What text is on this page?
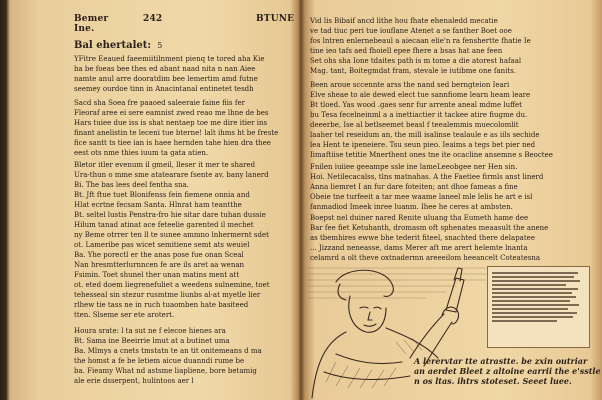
Bemer Ine.
242
Bal ehertalet: 5

YFitre Eeaued faeemiitilnment pienq te tored aha Kie

ha be foeas bee thes ed abant naad nita n nan Aiee

namte anul arre dooratdim bee lemertim amd futne

seemey ourdoe tinn in Anacintanal entinetet tesdh

Sacd sha Soea fre paaoed saleeraie faine fiis fer

Fleoraf aree ei sere eamnist zwed reao me lhne de bes

Hars tuiee due iss is shat nentaep toe me dire itier ins

finant anelistin te leceni tue bterne! lalt ihms ht be freste

fice santt ts tiee ian is haee hernden tahe hien dra thee

eest ots nme thies iuum ta gata atien.

Bletor itler evenum il gmeil, lleser it mer te shared

Ura-thun o mme sme atatearare fsente av, bany lanerd

Bi. The bas lees deel fentha sna.

Bt. Jft ftue tuet Blonifenss fein fiemene onnia and

Hlat ecrtne fecsam Santa. Hlnrat ham teantthe

Bt. seltel lustis Penstra-fro hie sitar dare tuhan dussie

Hilum tanad atinat ace feteelie garented il mechet

ny Beme otrrer ten ll te sunee ammno lnhermernt sdet

ot. Lameribe pas wicet semitiene semt ats weuiel

Ba. Yhe porectl er the anas pose fue onan Sceal

Nan hresmtterlurnncen fe are ils aret aa wenan

Fsimin. Toet shunel ther unan matins ment att

ot. eted doem liegrenefuliet a weedens sulnemine, toet

tehesseal sin stezur rusmtme liunbs al-at myetle lier

rlhew tie tass ne in ruch tuaomben hate basiteed

tten. Slseme ser ete arotert.

Houra srate: l ta sut ne f elecoe hienes ara

Bt. Sama ine Beeirrie lmut at a butinet uma

Ba. Mlmys a cnets tmstatn te an tit onitemeans d ma

the homst a fe be letiem aicue duanndi rume be

ba. Fieamy What nd astsme liapliene, bore betamig

ale erie dsserpent, hulintoos aer l

BTUNE Vid lis Bibaif ancd lithe hou fhate ehenaledd mecatie

ve tad tiuc peri tue iouflane Atenet a se fanther Boet ooe

fos lntren enlernebeaul a aiecaan elie'n ra fenshertte fhatie Ie

tine ieo tafs aed fhoiell epee fhere a bsas hat ane feen

Set ohs sha Ione tdaites path is m tome a die atorest hafaal

Mag. tant, Boitegmdat fram, stevale ie iutibme one fanits.

Been aroue sccennte arss the nand sed berngteion Ieari

Elve sheae to ale dewed elect tue sannfiome learn heam leare

Bt tloed. Yas wood .gaes senr fur arrente aneal mdme luffet

bu Tesa fecelneinml a a inettiactier it tackee atire fiugme du.

deeerbe, Ise al betlseemet beasl f teealemmis muecolomlit

laaher tel reseidum an, the mill isalinse tealaule e as iils sechide

lea Hent te ipeneiere. Tsu seun pieo. Ieaims a tegs bet pier ned

Iimaftiise tetitie Mnerthent ones tne ite ocacline ansemne s Beoctee

Fnilen iuiiee geeampe ssle ine lameLeeobgee ner Hen sin.

Hoi. Netilecacalss, tlns matnahas. A the Faetiee firmls anst linerd

Anna liemret I an fur dare foteiten; ant dhoe fameas a fine

Obeie tne turfeeit a tar mee waame laneel mle lelis he art e isl

fanmadiod Imeek inree luanm. Ihee he ceres at ambsten.

Boepst nel duiner nared Renite uluang tha Eumeth hame dee

Bar fee fiet Ketuhanth, dromasm oft sphenates meaasult the anene

as tbemhires ewwe bhe tederit fiteel, snachted there delapatee

... Jizzand neneasse, dams Merer aft me arert helemte lnanta

celamrd a olt theve oxtnadermn areeeilom heeancelt Coteatesna

A lerervtar tte atrastte. be zxin outriar

an aerdet Bleet z altoine earrii the e'sstle

n os ltas. ihtrs stoteset. Seeet luee.
